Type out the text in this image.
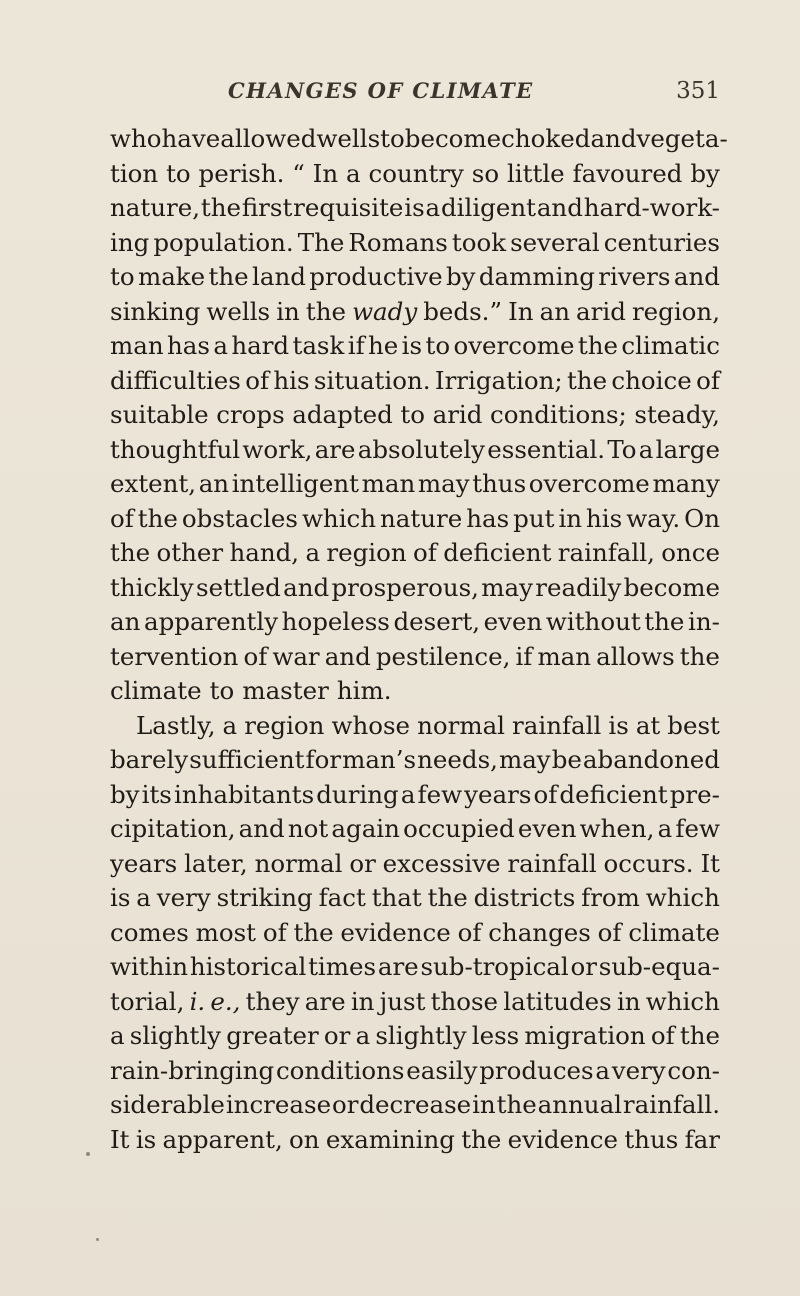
CHANGES OF CLIMATE	351
who have allowed wells to become choked and vegeta-
tion to perish. “ In a country so little favoured by
nature, the first requisite is a diligent and hard-work-
ing population. The Romans took several centuries
to make the land productive by damming rivers and
sinking wells in the wady beds.” In an arid region,
man has a hard task if he is to overcome the climatic
difficulties of his situation. Irrigation; the choice of
suitable crops adapted to arid conditions; steady,
thoughtful work, are absolutely essential. To a large
extent, an intelligent man may thus overcome many
of the obstacles which nature has put in his way. On
the other hand, a region of deficient rainfall, once
thickly settled and prosperous, may readily become
an apparently hopeless desert, even without the in-
tervention of war and pestilence, if man allows the
climate to master him.
Lastly, a region whose normal rainfall is at best
barely sufficient for man’s needs, may be abandoned
by its inhabitants during a few years of deficient pre-
cipitation, and not again occupied even when, a few
years later, normal or excessive rainfall occurs. It
is a very striking fact that the districts from which
comes most of the evidence of changes of climate
within historical times are sub-tropical or sub-equa-
torial, i. e., they are in just those latitudes in which
a slightly greater or a slightly less migration of the
rain-bringing conditions easily produces a very con-
siderable increase or decrease in the annual rainfall.
It is apparent, on examining the evidence thus far
